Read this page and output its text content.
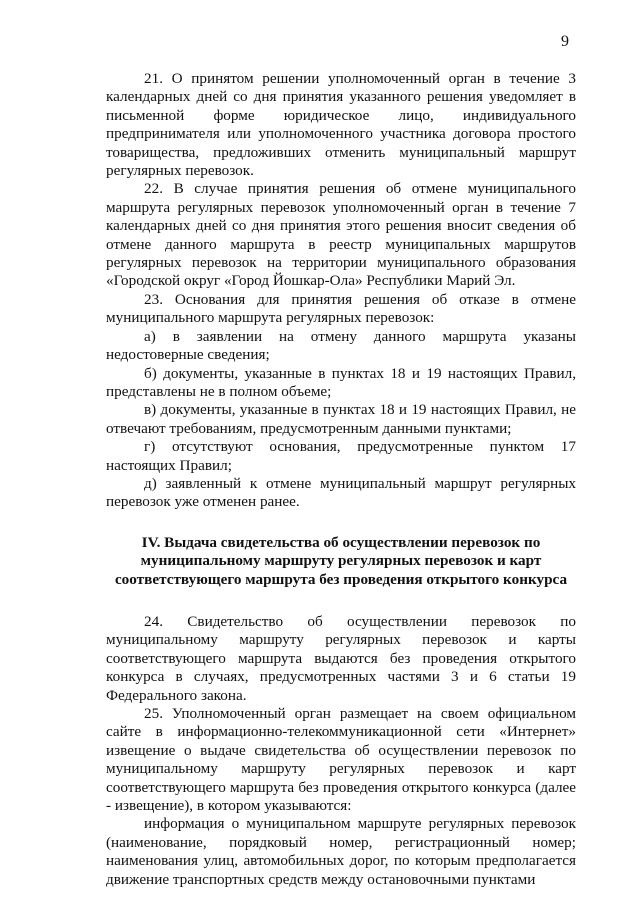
9

21. О принятом решении уполномоченный орган в течение 3 календарных дней со дня принятия указанного решения уведомляет в письменной форме юридическое лицо, индивидуального предпринимателя или уполномоченного участника договора простого товарищества, предложивших отменить муниципальный маршрут регулярных перевозок.

22. В случае принятия решения об отмене муниципального маршрута регулярных перевозок уполномоченный орган в течение 7 календарных дней со дня принятия этого решения вносит сведения об отмене данного маршрута в реестр муниципальных маршрутов регулярных перевозок на территории муниципального образования «Городской округ «Город Йошкар-Ола» Республики Марий Эл.

23. Основания для принятия решения об отказе в отмене муниципального маршрута регулярных перевозок:

а) в заявлении на отмену данного маршрута указаны недостоверные сведения;

б) документы, указанные в пунктах 18 и 19 настоящих Правил, представлены не в полном объеме;

в) документы, указанные в пунктах 18 и 19 настоящих Правил, не отвечают требованиям, предусмотренным данными пунктами;

г) отсутствуют основания, предусмотренные пунктом 17 настоящих Правил;

д) заявленный к отмене муниципальный маршрут регулярных перевозок уже отменен ранее.

IV. Выдача свидетельства об осуществлении перевозок по муниципальному маршруту регулярных перевозок и карт соответствующего маршрута без проведения открытого конкурса

24. Свидетельство об осуществлении перевозок по муниципальному маршруту регулярных перевозок и карты соответствующего маршрута выдаются без проведения открытого конкурса в случаях, предусмотренных частями 3 и 6 статьи 19 Федерального закона.

25. Уполномоченный орган размещает на своем официальном сайте в информационно-телекоммуникационной сети «Интернет» извещение о выдаче свидетельства об осуществлении перевозок по муниципальному маршруту регулярных перевозок и карт соответствующего маршрута без проведения открытого конкурса (далее - извещение), в котором указываются:

информация о муниципальном маршруте регулярных перевозок (наименование, порядковый номер, регистрационный номер; наименования улиц, автомобильных дорог, по которым предполагается движение транспортных средств между остановочными пунктами
